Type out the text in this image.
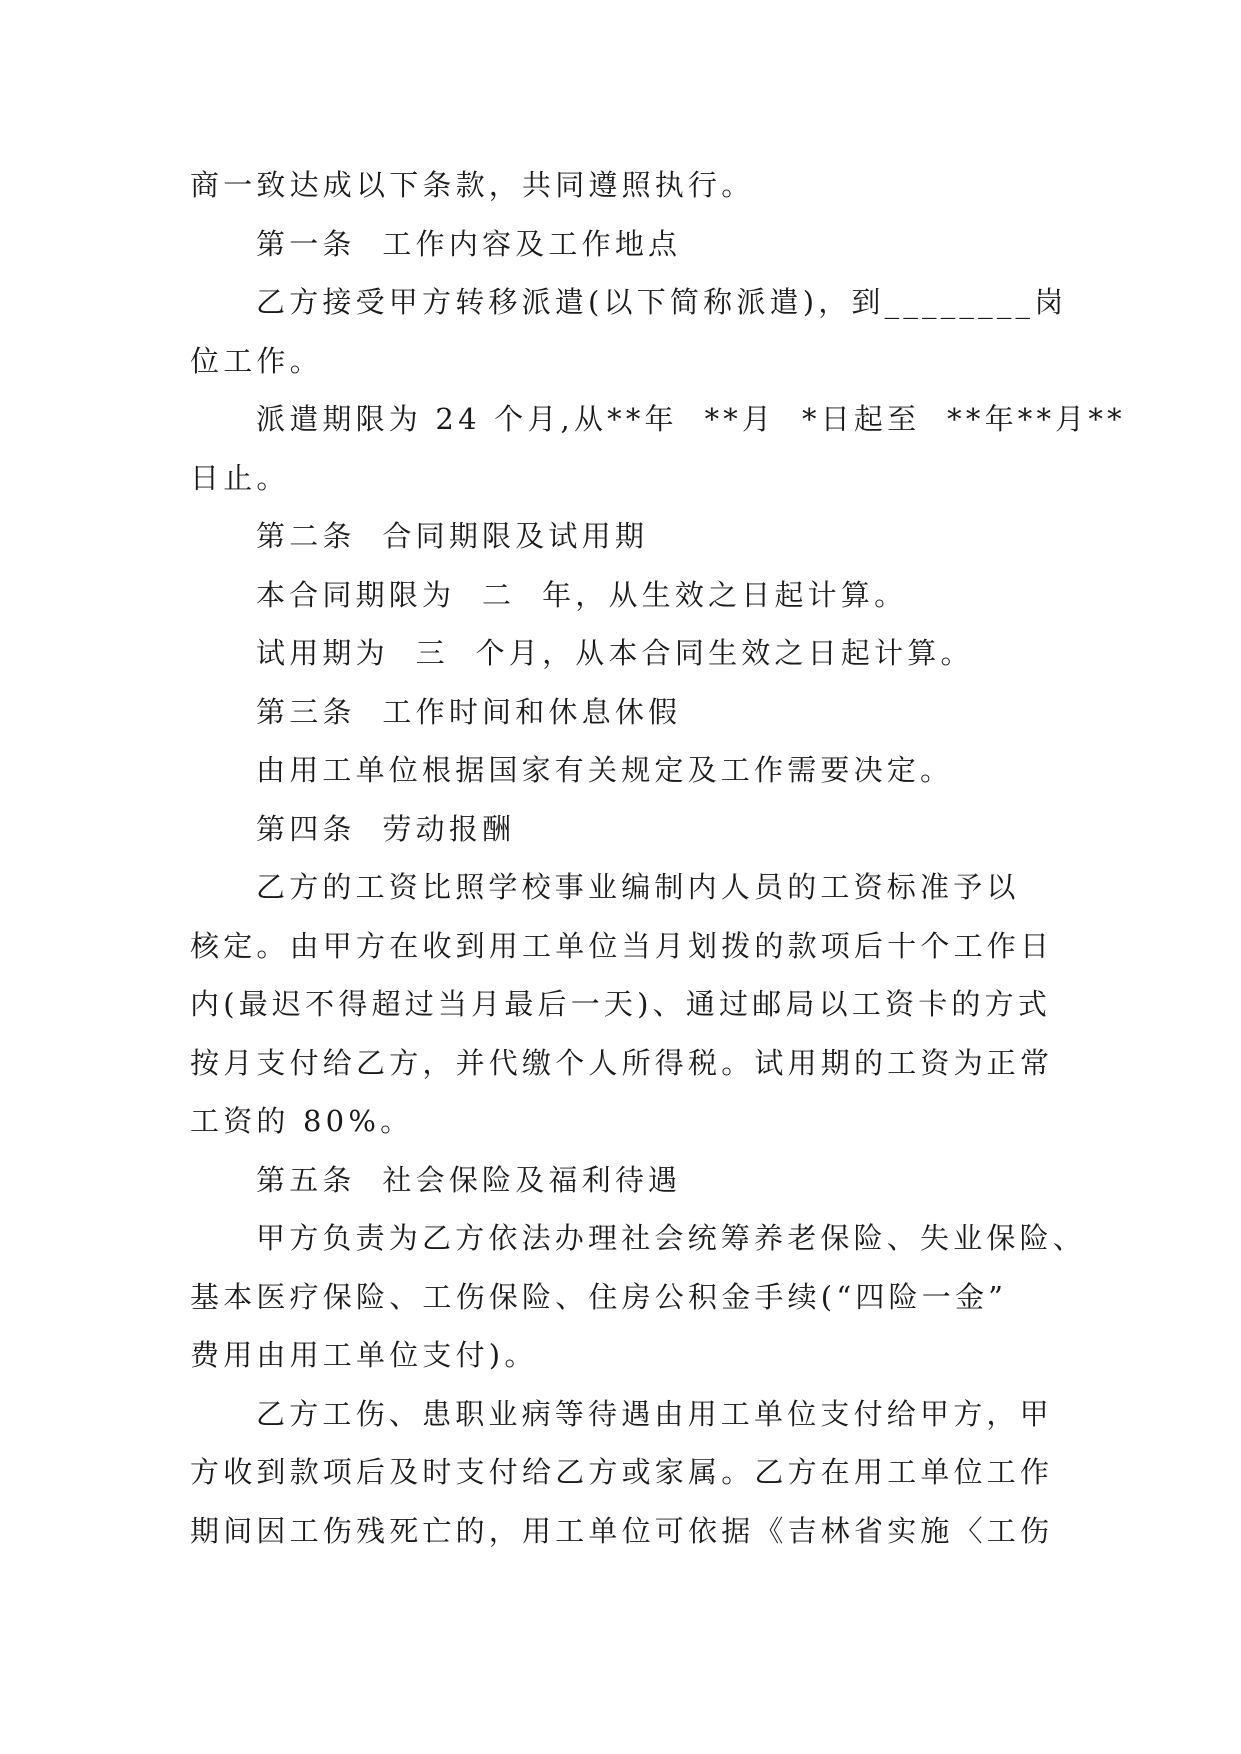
商一致达成以下条款，共同遵照执行。
第一条  工作内容及工作地点
乙方接受甲方转移派遣(以下简称派遣)，到________岗
位工作。
派遣期限为 24 个月,从**年  **月  *日起至  **年**月**
日止。
第二条  合同期限及试用期
本合同期限为  二  年，从生效之日起计算。
试用期为  三  个月，从本合同生效之日起计算。
第三条  工作时间和休息休假
由用工单位根据国家有关规定及工作需要决定。
第四条  劳动报酬
乙方的工资比照学校事业编制内人员的工资标准予以
核定。由甲方在收到用工单位当月划拨的款项后十个工作日
内(最迟不得超过当月最后一天)、通过邮局以工资卡的方式
按月支付给乙方，并代缴个人所得税。试用期的工资为正常
工资的 80%。
第五条  社会保险及福利待遇
甲方负责为乙方依法办理社会统筹养老保险、失业保险、
基本医疗保险、工伤保险、住房公积金手续(“四险一金”
费用由用工单位支付)。
乙方工伤、患职业病等待遇由用工单位支付给甲方，甲
方收到款项后及时支付给乙方或家属。乙方在用工单位工作
期间因工伤残死亡的，用工单位可依据《吉林省实施〈工伤
